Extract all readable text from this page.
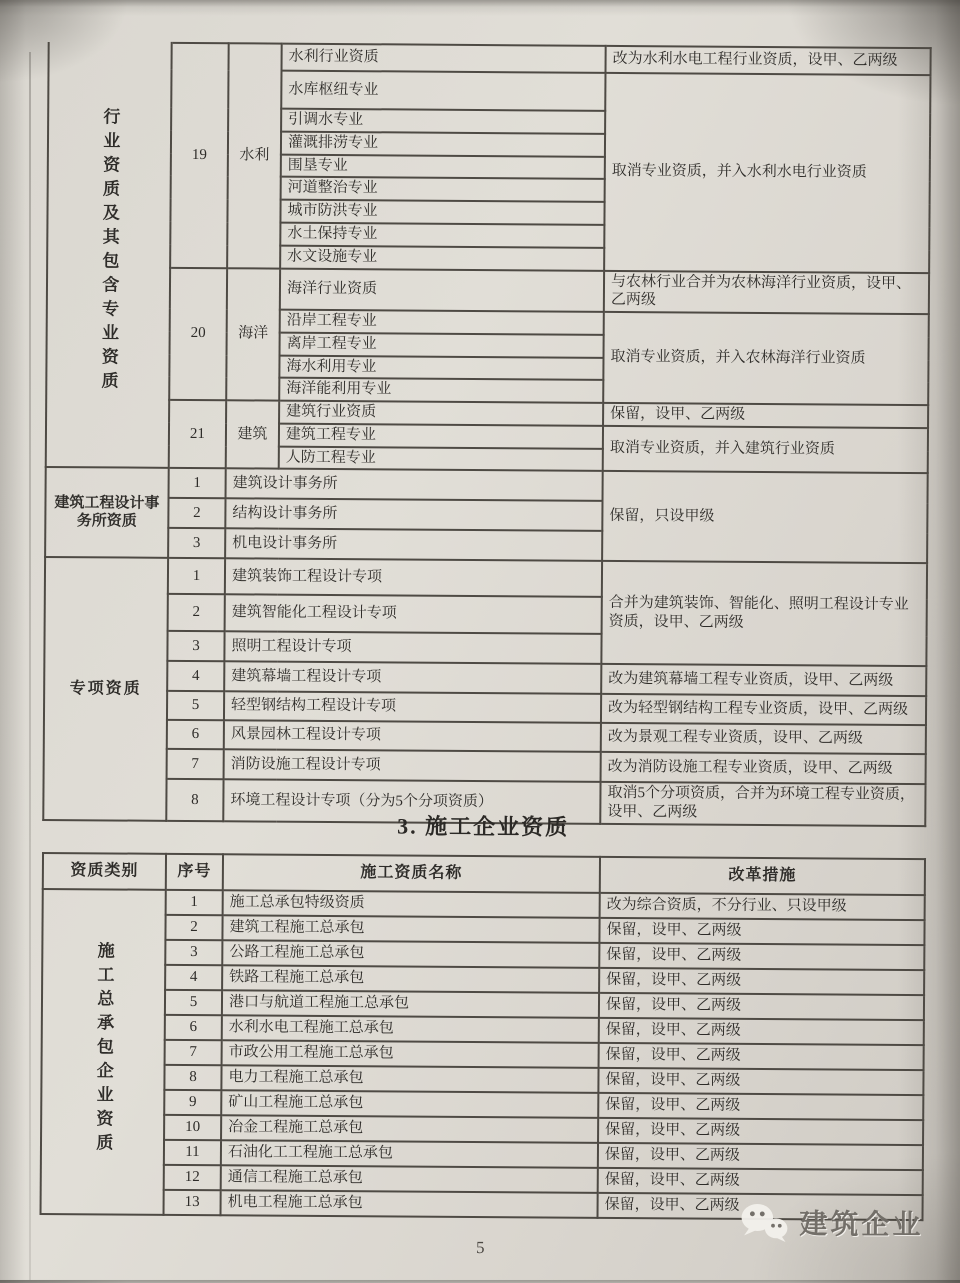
行业资质及其包含专业资质	19	水利	水利行业资质	改为水利水电工程行业资质，设甲、乙两级
			水库枢纽专业	取消专业资质，并入水利水电行业资质
			引调水专业	
			灌溉排涝专业	
			围垦专业	
			河道整治专业	
			城市防洪专业	
			水土保持专业	
			水文设施专业	
	20	海洋	海洋行业资质	与农林行业合并为农林海洋行业资质，设甲、乙两级
			沿岸工程专业	取消专业资质，并入农林海洋行业资质
			离岸工程专业	
			海水利用专业	
			海洋能利用专业	
	21	建筑	建筑行业资质	保留，设甲、乙两级
			建筑工程专业	取消专业资质，并入建筑行业资质
			人防工程专业	
建筑工程设计事务所资质	1	建筑设计事务所		保留，只设甲级
	2	结构设计事务所		
	3	机电设计事务所		
专项资质	1	建筑装饰工程设计专项		合并为建筑装饰、智能化、照明工程设计专业资质，设甲、乙两级
	2	建筑智能化工程设计专项		
	3	照明工程设计专项		
	4	建筑幕墙工程设计专项		改为建筑幕墙工程专业资质，设甲、乙两级
	5	轻型钢结构工程设计专项		改为轻型钢结构工程专业资质，设甲、乙两级
	6	风景园林工程设计专项		改为景观工程专业资质，设甲、乙两级
	7	消防设施工程设计专项		改为消防设施工程专业资质，设甲、乙两级
	8	环境工程设计专项（分为5个分项资质）		取消5个分项资质，合并为环境工程专业资质，设甲、乙两级
3. 施工企业资质
资质类别	序号	施工资质名称	改革措施
施工总承包企业资质	1	施工总承包特级资质	改为综合资质，不分行业、只设甲级
	2	建筑工程施工总承包	保留，设甲、乙两级
	3	公路工程施工总承包	保留，设甲、乙两级
	4	铁路工程施工总承包	保留，设甲、乙两级
	5	港口与航道工程施工总承包	保留，设甲、乙两级
	6	水利水电工程施工总承包	保留，设甲、乙两级
	7	市政公用工程施工总承包	保留，设甲、乙两级
	8	电力工程施工总承包	保留，设甲、乙两级
	9	矿山工程施工总承包	保留，设甲、乙两级
	10	冶金工程施工总承包	保留，设甲、乙两级
	11	石油化工工程施工总承包	保留，设甲、乙两级
	12	通信工程施工总承包	保留，设甲、乙两级
	13	机电工程施工总承包	保留，设甲、乙两级
5
建筑企业
